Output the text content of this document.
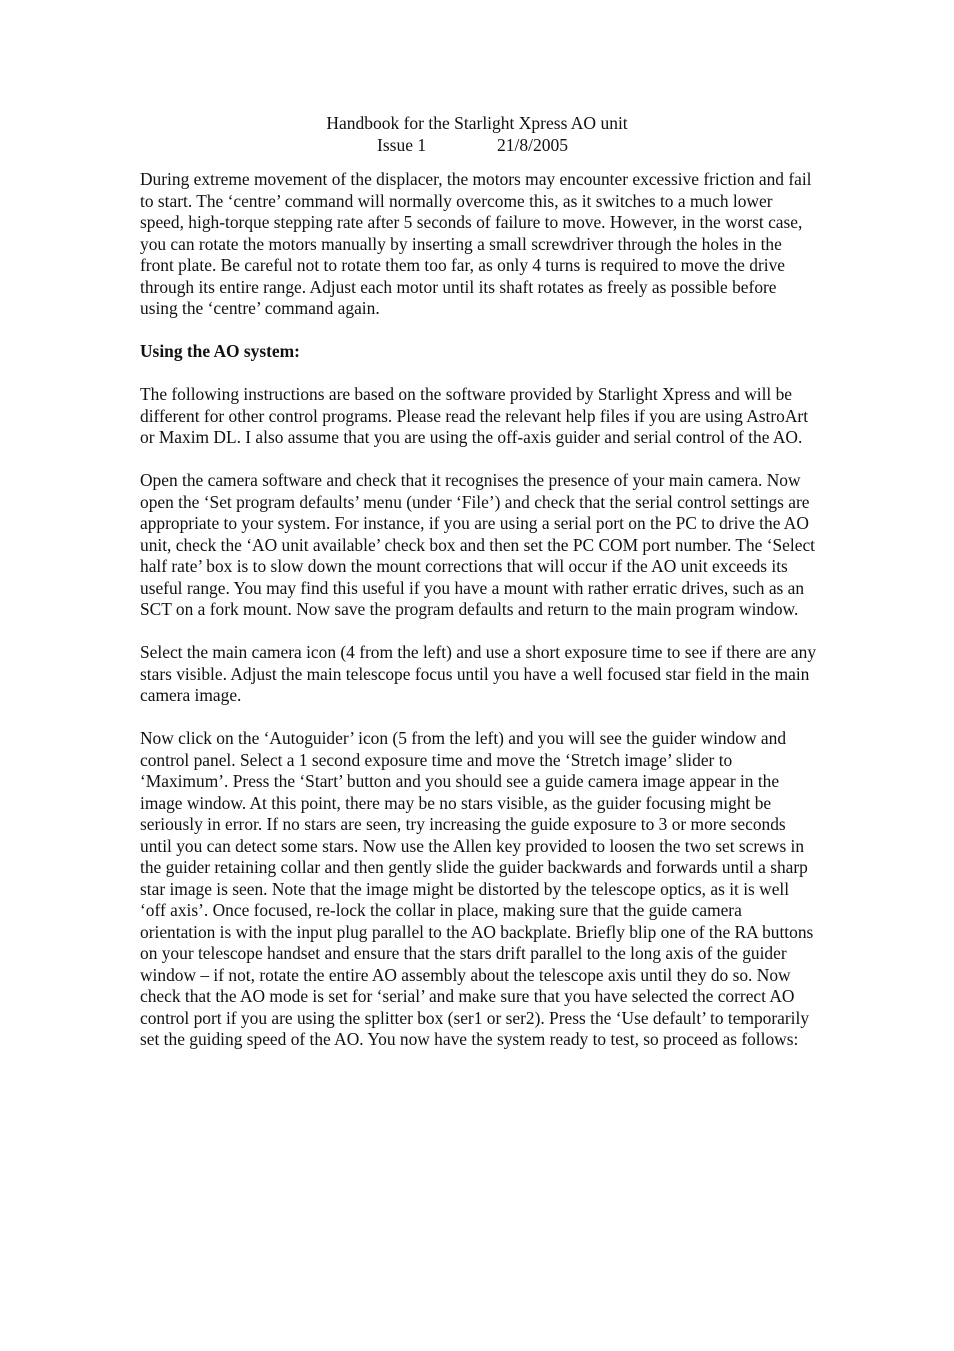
Handbook for the Starlight Xpress AO unit
Issue 1	21/8/2005

During extreme movement of the displacer, the motors may encounter excessive friction and fail to start. The ‘centre’ command will normally overcome this, as it switches to a much lower speed, high-torque stepping rate after 5 seconds of failure to move. However, in the worst case, you can rotate the motors manually by inserting a small screwdriver through the holes in the front plate. Be careful not to rotate them too far, as only 4 turns is required to move the drive through its entire range. Adjust each motor until its shaft rotates as freely as possible before using the ‘centre’ command again.

Using the AO system:

The following instructions are based on the software provided by Starlight Xpress and will be different for other control programs. Please read the relevant help files if you are using AstroArt or Maxim DL. I also assume that you are using the off-axis guider and serial control of the AO.

Open the camera software and check that it recognises the presence of your main camera. Now open the ‘Set program defaults’ menu (under ‘File’) and check that the serial control settings are appropriate to your system. For instance, if you are using a serial port on the PC to drive the AO unit, check the ‘AO unit available’ check box and then set the PC COM port number. The ‘Select half rate’ box is to slow down the mount corrections that will occur if the AO unit exceeds its useful range. You may find this useful if you have a mount with rather erratic drives, such as an SCT on a fork mount. Now save the program defaults and return to the main program window.

Select the main camera icon (4 from the left) and use a short exposure time to see if there are any stars visible. Adjust the main telescope focus until you have a well focused star field in the main camera image.

Now click on the ‘Autoguider’ icon (5 from the left) and you will see the guider window and control panel. Select a 1 second exposure time and move the ‘Stretch image’ slider to ‘Maximum’. Press the ‘Start’ button and you should see a guide camera image appear in the image window. At this point, there may be no stars visible, as the guider focusing might be seriously in error. If no stars are seen, try increasing the guide exposure to 3 or more seconds until you can detect some stars. Now use the Allen key provided to loosen the two set screws in the guider retaining collar and then gently slide the guider backwards and forwards until a sharp star image is seen. Note that the image might be distorted by the telescope optics, as it is well ‘off axis’. Once focused, re-lock the collar in place, making sure that the guide camera orientation is with the input plug parallel to the AO backplate. Briefly blip one of the RA buttons on your telescope handset and ensure that the stars drift parallel to the long axis of the guider window – if not, rotate the entire AO assembly about the telescope axis until they do so. Now check that the AO mode is set for ‘serial’ and make sure that you have selected the correct AO control port if you are using the splitter box (ser1 or ser2). Press the ‘Use default’ to temporarily set the guiding speed of the AO. You now have the system ready to test, so proceed as follows:
